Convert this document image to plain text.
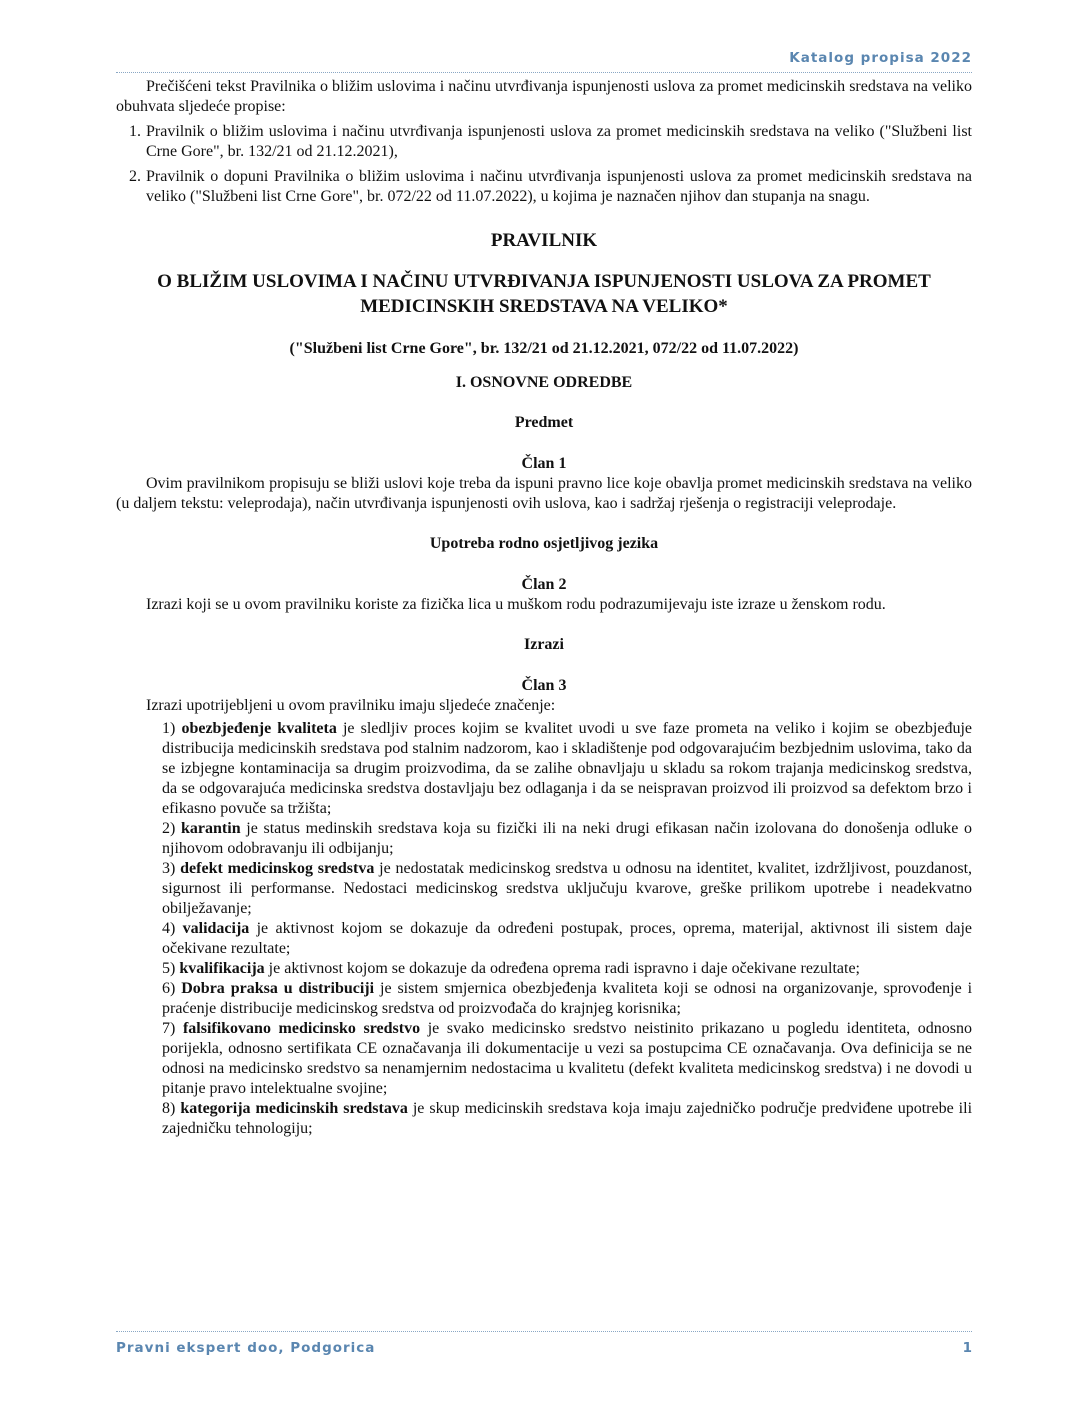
Katalog propisa 2022

Prečišćeni tekst Pravilnika o bližim uslovima i načinu utvrđivanja ispunjenosti uslova za promet medicinskih sredstava na veliko obuhvata sljedeće propise:

1. Pravilnik o bližim uslovima i načinu utvrđivanja ispunjenosti uslova za promet medicinskih sredstava na veliko ("Službeni list Crne Gore", br. 132/21 od 21.12.2021),
2. Pravilnik o dopuni Pravilnika o bližim uslovima i načinu utvrđivanja ispunjenosti uslova za promet medicinskih sredstava na veliko ("Službeni list Crne Gore", br. 072/22 od 11.07.2022), u kojima je naznačen njihov dan stupanja na snagu.
PRAVILNIK
O BLIŽIM USLOVIMA I NAČINU UTVRĐIVANJA ISPUNJENOSTI USLOVA ZA PROMET MEDICINSKIH SREDSTAVA NA VELIKO*
("Službeni list Crne Gore", br. 132/21 od 21.12.2021, 072/22 od 11.07.2022)
I. OSNOVNE ODREDBE
Predmet
Član 1

Ovim pravilnikom propisuju se bliži uslovi koje treba da ispuni pravno lice koje obavlja promet medicinskih sredstava na veliko (u daljem tekstu: veleprodaja), način utvrđivanja ispunjenosti ovih uslova, kao i sadržaj rješenja o registraciji veleprodaje.

Upotreba rodno osjetljivog jezika
Član 2

Izrazi koji se u ovom pravilniku koriste za fizička lica u muškom rodu podrazumijevaju iste izraze u ženskom rodu.

Izrazi
Član 3

Izrazi upotrijebljeni u ovom pravilniku imaju sljedeće značenje:

1) obezbjeđenje kvaliteta je sledljiv proces kojim se kvalitet uvodi u sve faze prometa na veliko i kojim se obezbjeđuje distribucija medicinskih sredstava pod stalnim nadzorom, kao i skladištenje pod odgovarajućim bezbjednim uslovima, tako da se izbjegne kontaminacija sa drugim proizvodima, da se zalihe obnavljaju u skladu sa rokom trajanja medicinskog sredstva, da se odgovarajuća medicinska sredstva dostavljaju bez odlaganja i da se neispravan proizvod ili proizvod sa defektom brzo i efikasno povuče sa tržišta;

2) karantin je status medinskih sredstava koja su fizički ili na neki drugi efikasan način izolovana do donošenja odluke o njihovom odobravanju ili odbijanju;

3) defekt medicinskog sredstva je nedostatak medicinskog sredstva u odnosu na identitet, kvalitet, izdržljivost, pouzdanost, sigurnost ili performanse. Nedostaci medicinskog sredstva uključuju kvarove, greške prilikom upotrebe i neadekvatno obilježavanje;

4) validacija je aktivnost kojom se dokazuje da određeni postupak, proces, oprema, materijal, aktivnost ili sistem daje očekivane rezultate;

5) kvalifikacija je aktivnost kojom se dokazuje da određena oprema radi ispravno i daje očekivane rezultate;

6) Dobra praksa u distribuciji je sistem smjernica obezbjeđenja kvaliteta koji se odnosi na organizovanje, sprovođenje i praćenje distribucije medicinskog sredstva od proizvođača do krajnjeg korisnika;

7) falsifikovano medicinsko sredstvo je svako medicinsko sredstvo neistinito prikazano u pogledu identiteta, odnosno porijekla, odnosno sertifikata CE označavanja ili dokumentacije u vezi sa postupcima CE označavanja. Ova definicija se ne odnosi na medicinsko sredstvo sa nenamjernim nedostacima u kvalitetu (defekt kvaliteta medicinskog sredstva) i ne dovodi u pitanje pravo intelektualne svojine;

8) kategorija medicinskih sredstava je skup medicinskih sredstava koja imaju zajedničko područje predviđene upotrebe ili zajedničku tehnologiju;

Pravni ekspert doo, Podgorica	1
